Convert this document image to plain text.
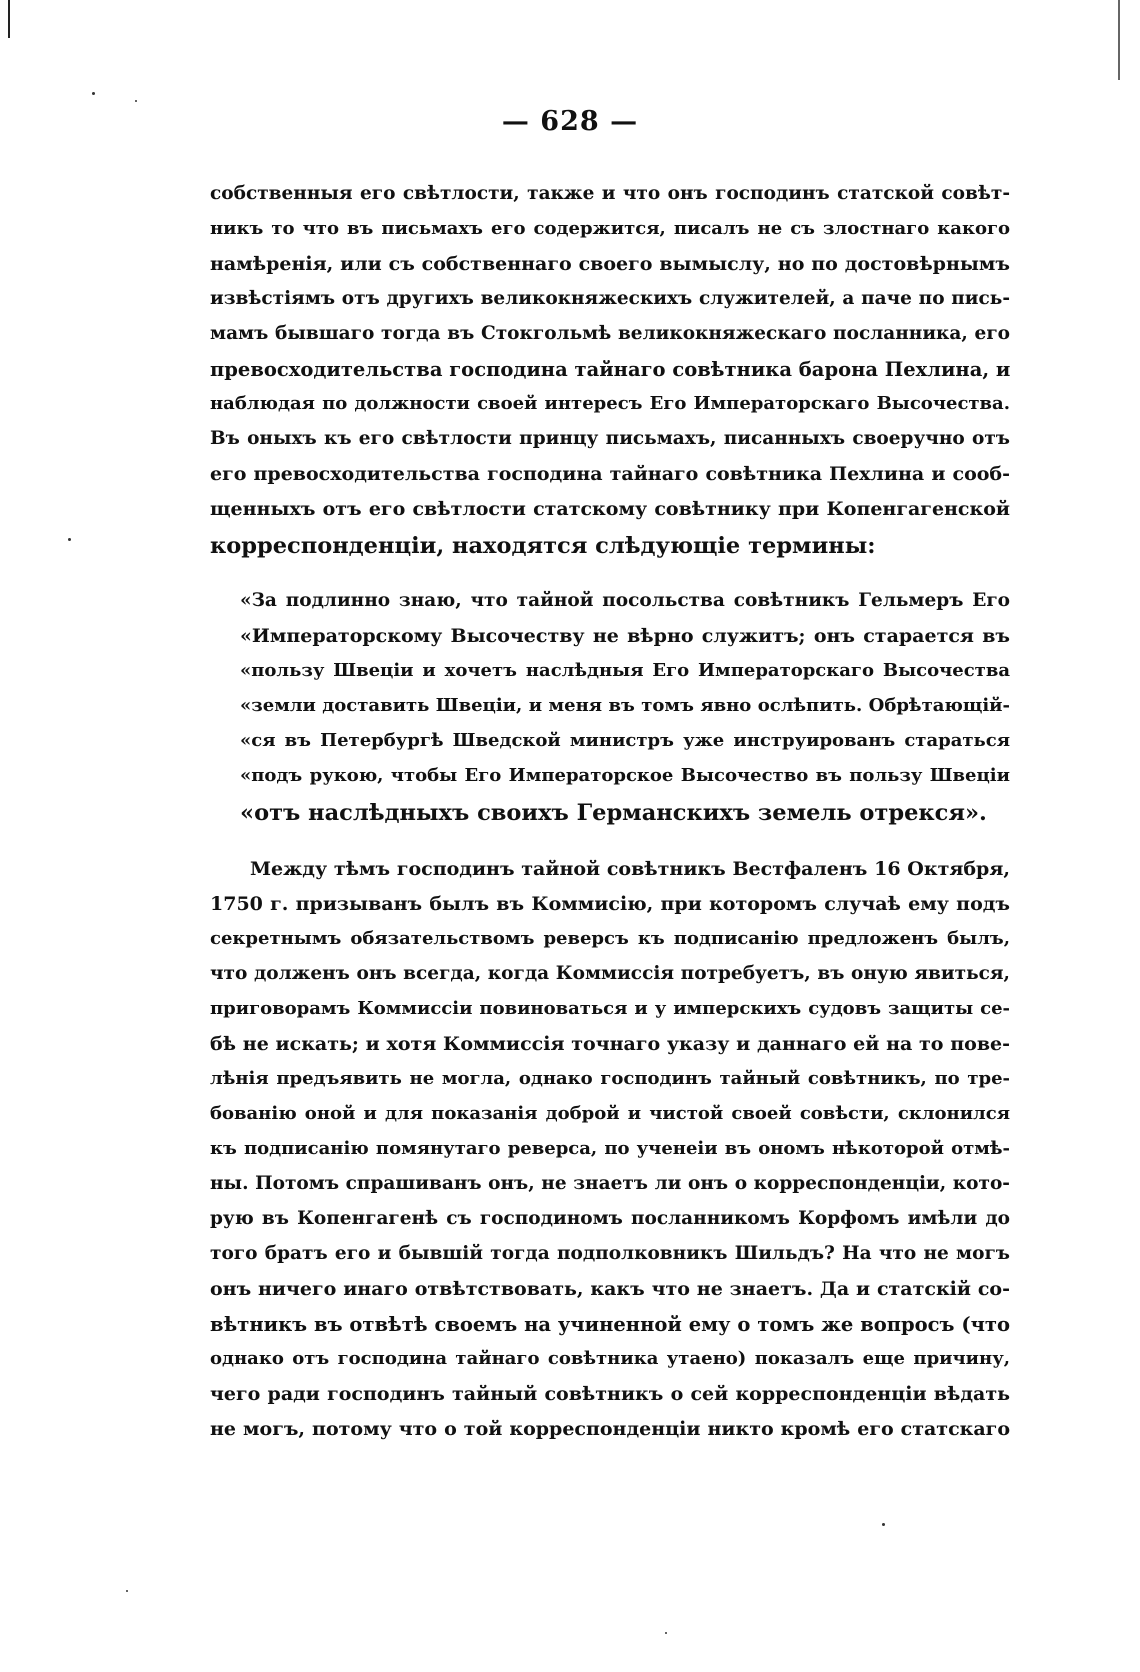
— 628 —
собственныя его свѣтлости, также и что онъ господинъ статской совѣт-
никъ то что въ письмахъ его содержится, писалъ не съ злостнаго какого
намѣренія, или съ собственнаго своего вымыслу, но по достовѣрнымъ
извѣстіямъ отъ другихъ великокняжескихъ служителей, а паче по пись-
мамъ бывшаго тогда въ Стокгольмѣ великокняжескаго посланника, его
превосходительства господина тайнаго совѣтника барона Пехлина, и
наблюдая по должности своей интересъ Его Императорскаго Высочества.
Въ оныхъ къ его свѣтлости принцу письмахъ, писанныхъ своеручно отъ
его превосходительства господина тайнаго совѣтника Пехлина и сооб-
щенныхъ отъ его свѣтлости статскому совѣтнику при Копенгагенской
корреспонденціи, находятся слѣдующіе термины:
«За подлинно знаю, что тайной посольства совѣтникъ Гельмеръ Его
«Императорскому Высочеству не вѣрно служитъ; онъ старается въ
«пользу Швеціи и хочетъ наслѣдныя Его Императорскаго Высочества
«земли доставить Швеціи, и меня въ томъ явно ослѣпить. Обрѣтающій-
«ся въ Петербургѣ Шведской министръ уже инструированъ стараться
«подъ рукою, чтобы Его Императорское Высочество въ пользу Швеціи
«отъ наслѣдныхъ своихъ Германскихъ земель отрекся».
Между тѣмъ господинъ тайной совѣтникъ Вестфаленъ 16 Октября,
1750 г. призыванъ былъ въ Коммисію, при которомъ случаѣ ему подъ
секретнымъ обязательствомъ реверсъ къ подписанію предложенъ былъ,
что долженъ онъ всегда, когда Коммиссія потребуетъ, въ оную явиться,
приговорамъ Коммиссіи повиноваться и у имперскихъ судовъ защиты се-
бѣ не искать; и хотя Коммиссія точнаго указу и даннаго ей на то пове-
лѣнія предъявить не могла, однако господинъ тайный совѣтникъ, по тре-
бованію оной и для показанія доброй и чистой своей совѣсти, склонился
къ подписанію помянутаго реверса, по ученеіи въ ономъ нѣкоторой отмѣ-
ны. Потомъ спрашиванъ онъ, не знаетъ ли онъ о корреспонденціи, кото-
рую въ Копенгагенѣ съ господиномъ посланникомъ Корфомъ имѣли до
того братъ его и бывшій тогда подполковникъ Шильдъ? На что не могъ
онъ ничего инаго отвѣтствовать, какъ что не знаетъ. Да и статскій со-
вѣтникъ въ отвѣтѣ своемъ на учиненной ему о томъ же вопросъ (что
однако отъ господина тайнаго совѣтника утаено) показалъ еще причину,
чего ради господинъ тайный совѣтникъ о сей корреспонденціи вѣдать
не могъ, потому что о той корреспонденціи никто кромѣ его статскаго
